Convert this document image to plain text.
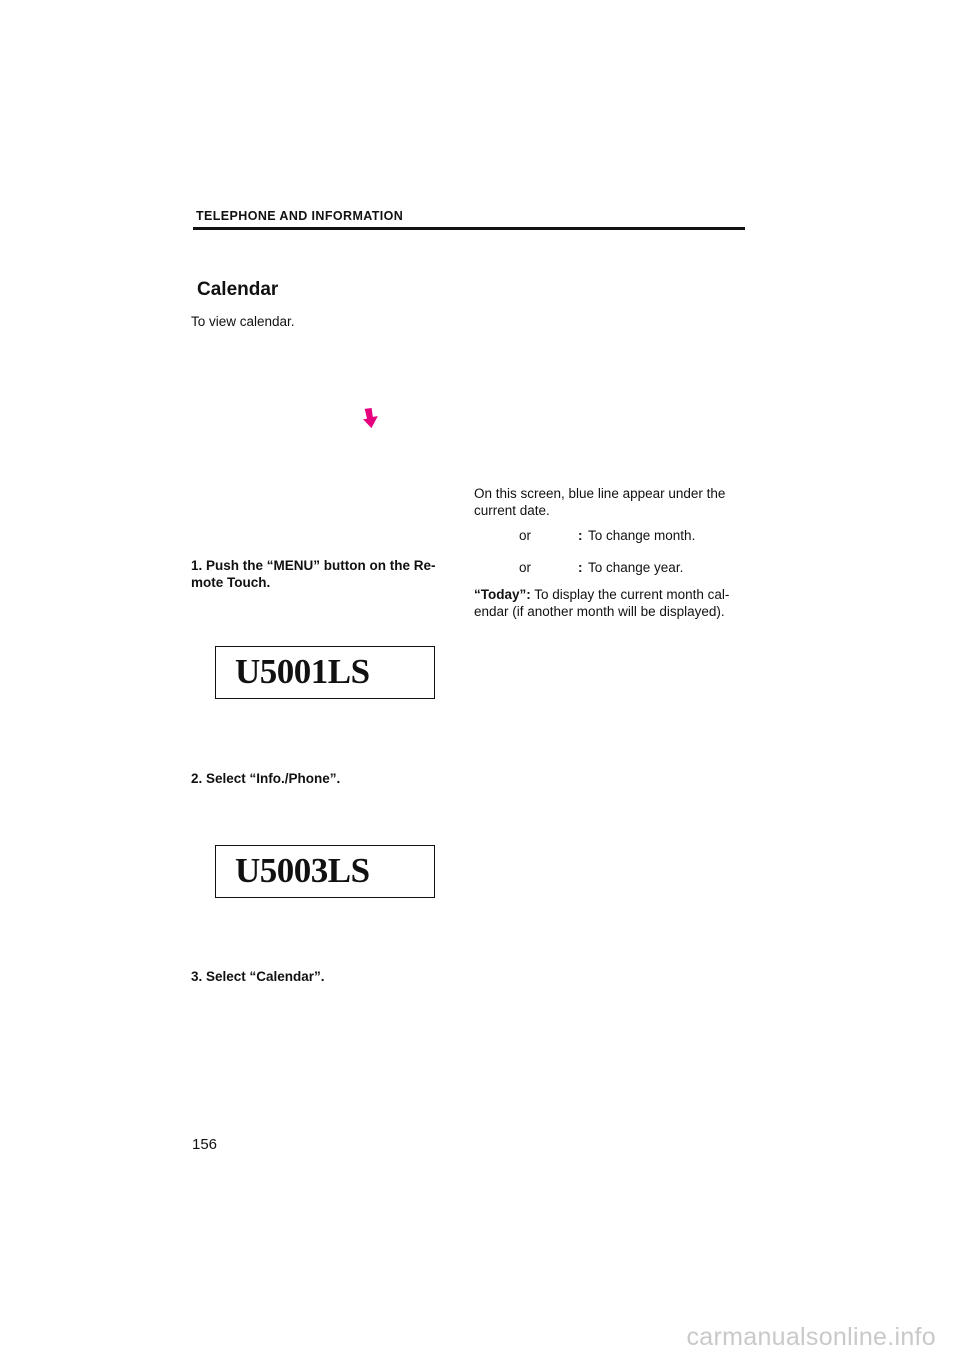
TELEPHONE AND INFORMATION
Calendar
To view calendar.
1. Push the “MENU” button on the Re-mote Touch.
U5001LS
2. Select “Info./Phone”.
U5003LS
3. Select “Calendar”.
On this screen, blue line appear under the current date.
or	: To change month.
or	: To change year.
“Today”: To display the current month cal-endar (if another month will be displayed).
156
carmanualsonline.info
